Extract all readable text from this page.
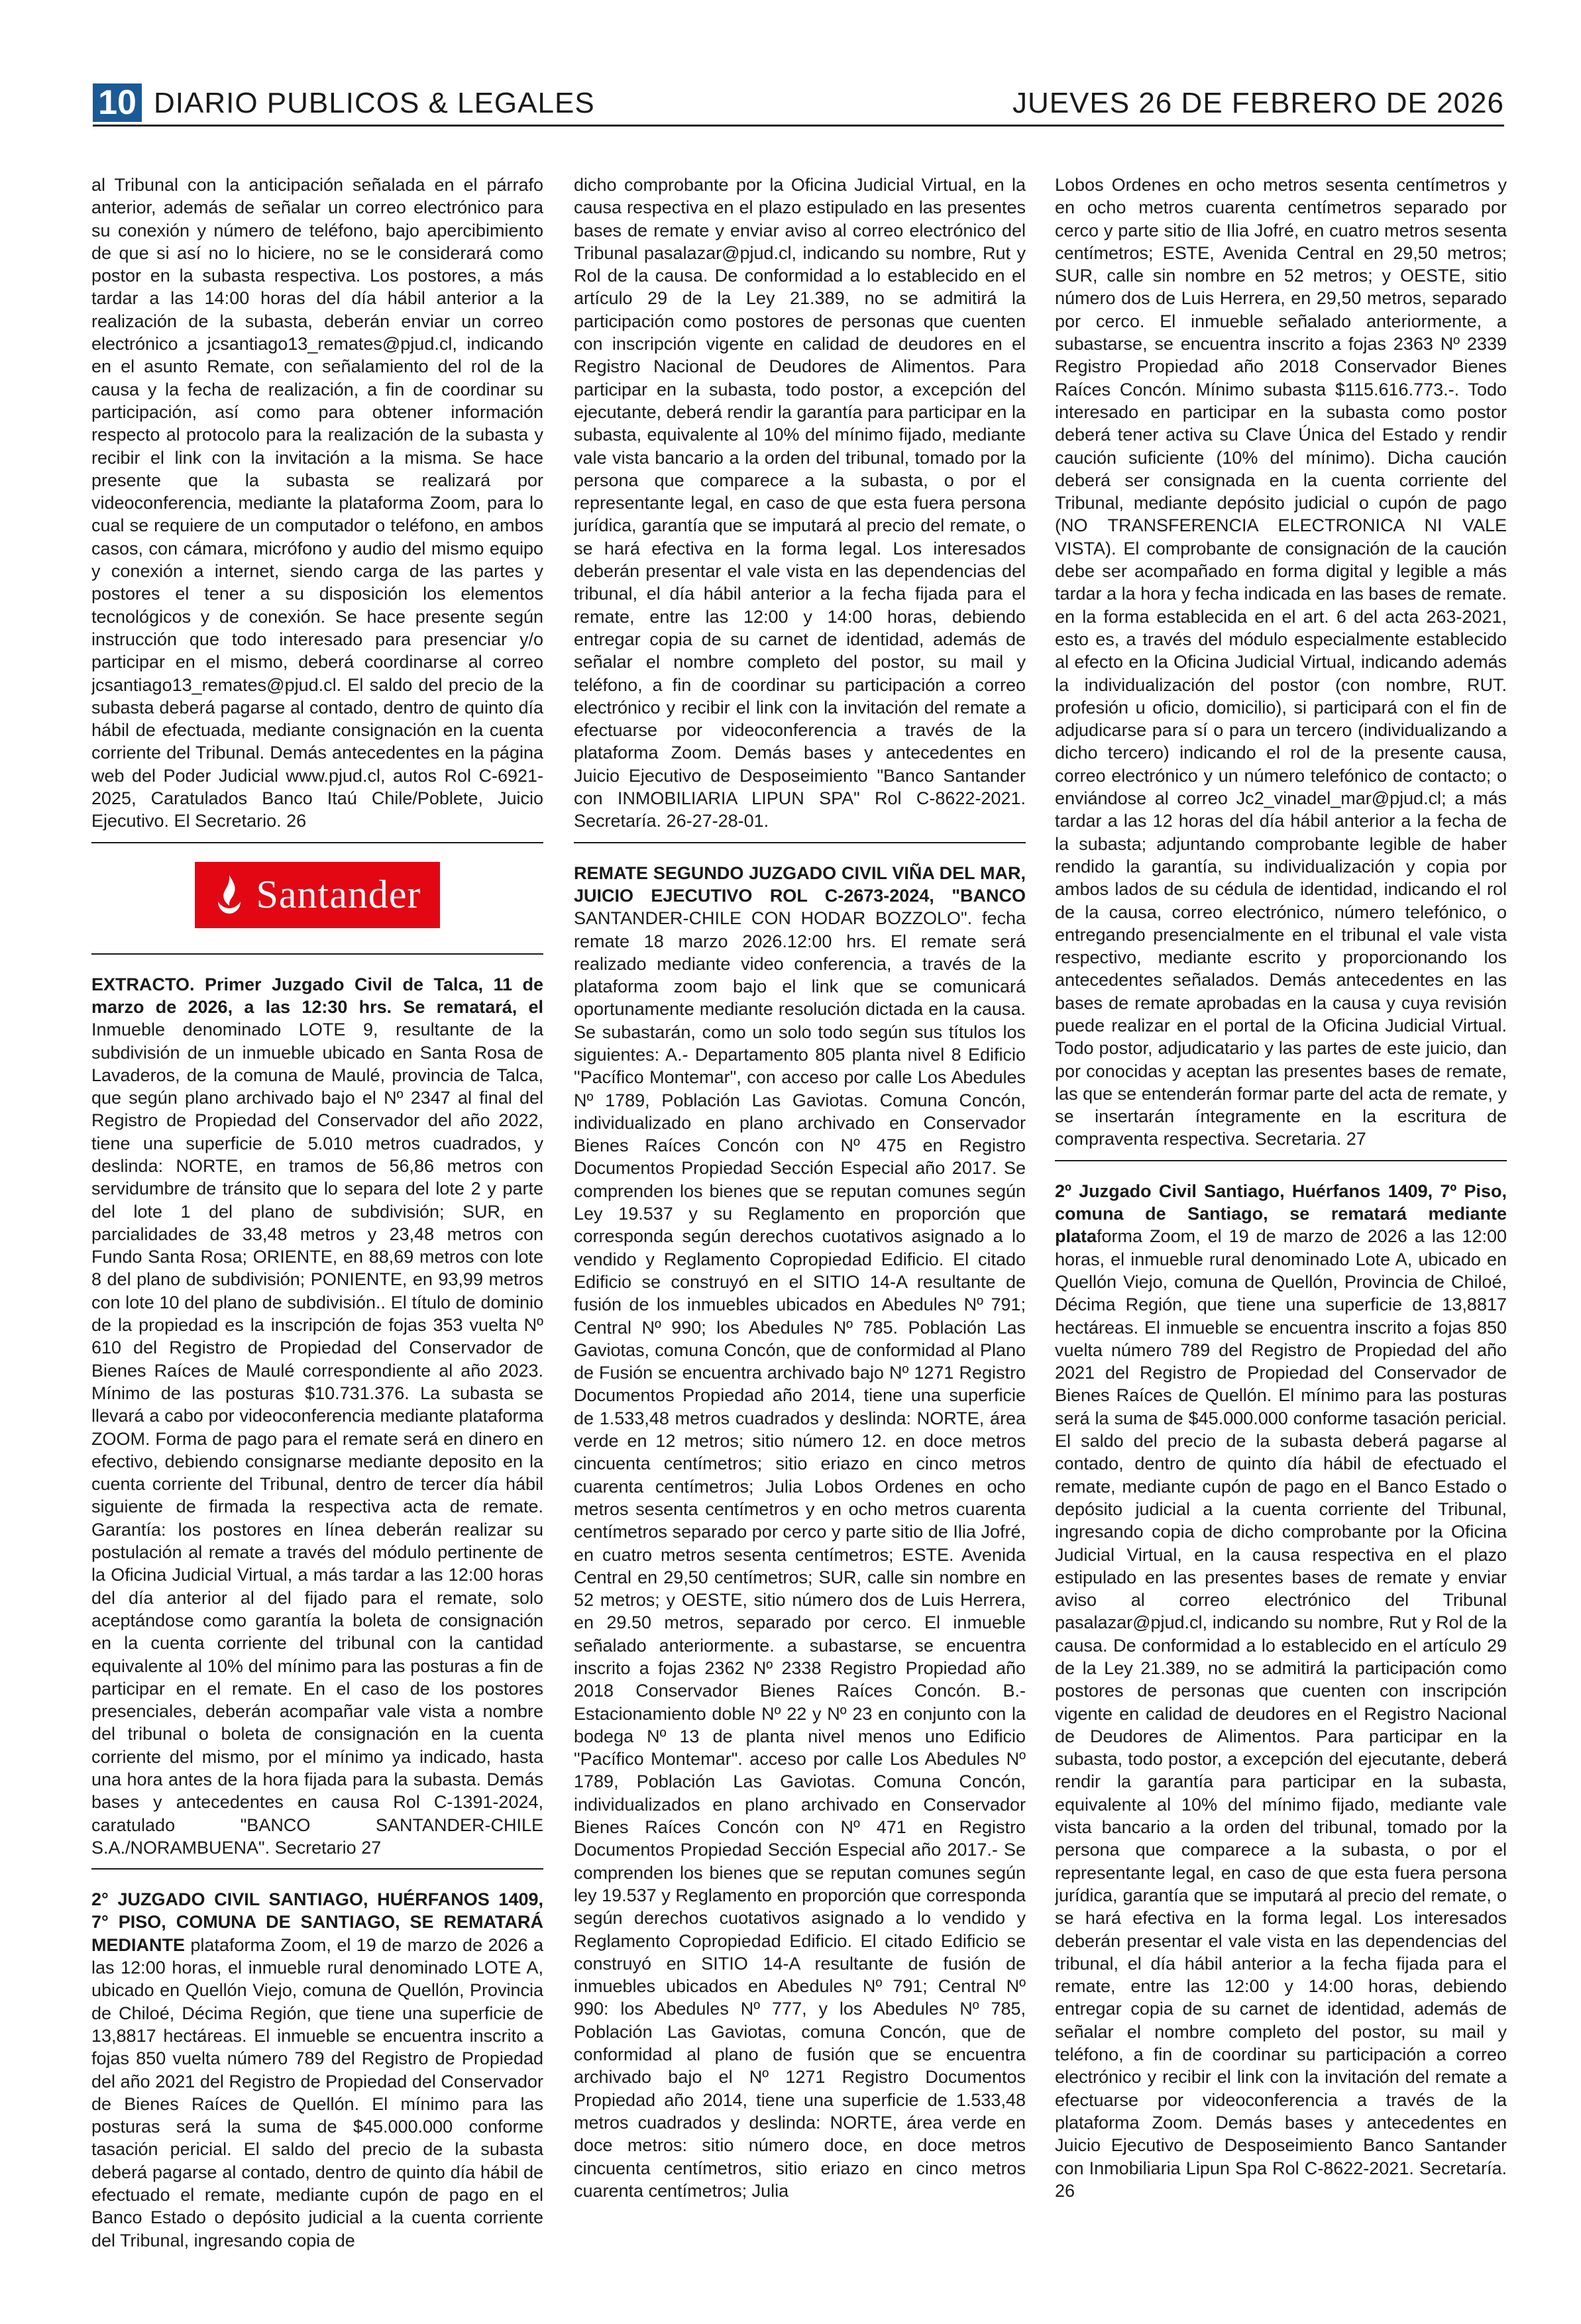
10 DIARIO PUBLICOS & LEGALES	JUEVES 26 DE FEBRERO DE 2026

al Tribunal con la anticipación señalada en el párrafo anterior, además de señalar un correo electrónico para su conexión y número de teléfono, bajo apercibimiento de que si así no lo hiciere, no se le considerará como postor en la subasta respectiva. Los postores, a más tardar a las 14:00 horas del día hábil anterior a la realización de la subasta, deberán enviar un correo electrónico a jcsantiago13_remates@pjud.cl, indicando en el asunto Remate, con señalamiento del rol de la causa y la fecha de realización, a fin de coordinar su participación, así como para obtener información respecto al protocolo para la realización de la subasta y recibir el link con la invitación a la misma. Se hace presente que la subasta se realizará por videoconferencia, mediante la plataforma Zoom, para lo cual se requiere de un computador o teléfono, en ambos casos, con cámara, micrófono y audio del mismo equipo y conexión a internet, siendo carga de las partes y postores el tener a su disposición los elementos tecnológicos y de conexión. Se hace presente según instrucción que todo interesado para presenciar y/o participar en el mismo, deberá coordinarse al correo jcsantiago13_remates@pjud.cl. El saldo del precio de la subasta deberá pagarse al contado, dentro de quinto día hábil de efectuada, mediante consignación en la cuenta corriente del Tribunal. Demás antecedentes en la página web del Poder Judicial www.pjud.cl, autos Rol C-6921-2025, Caratulados Banco Itaú Chile/Poblete, Juicio Ejecutivo. El Secretario. 26

Santander

EXTRACTO. Primer Juzgado Civil de Talca, 11 de marzo de 2026, a las 12:30 hrs. Se rematará, el Inmueble denominado LOTE 9, resultante de la subdivisión de un inmueble ubicado en Santa Rosa de Lavaderos, de la comuna de Maulé, provincia de Talca, que según plano archivado bajo el Nº 2347 al final del Registro de Propiedad del Conservador del año 2022, tiene una superficie de 5.010 metros cuadrados, y deslinda: NORTE, en tramos de 56,86 metros con servidumbre de tránsito que lo separa del lote 2 y parte del lote 1 del plano de subdivisión; SUR, en parcialidades de 33,48 metros y 23,48 metros con Fundo Santa Rosa; ORIENTE, en 88,69 metros con lote 8 del plano de subdivisión; PONIENTE, en 93,99 metros con lote 10 del plano de subdivisión.. El título de dominio de la propiedad es la inscripción de fojas 353 vuelta Nº 610 del Registro de Propiedad del Conservador de Bienes Raíces de Maulé correspondiente al año 2023. Mínimo de las posturas $10.731.376. La subasta se llevará a cabo por videoconferencia mediante plataforma ZOOM. Forma de pago para el remate será en dinero en efectivo, debiendo consignarse mediante deposito en la cuenta corriente del Tribunal, dentro de tercer día hábil siguiente de firmada la respectiva acta de remate. Garantía: los postores en línea deberán realizar su postulación al remate a través del módulo pertinente de la Oficina Judicial Virtual, a más tardar a las 12:00 horas del día anterior al del fijado para el remate, solo aceptándose como garantía la boleta de consignación en la cuenta corriente del tribunal con la cantidad equivalente al 10% del mínimo para las posturas a fin de participar en el remate. En el caso de los postores presenciales, deberán acompañar vale vista a nombre del tribunal o boleta de consignación en la cuenta corriente del mismo, por el mínimo ya indicado, hasta una hora antes de la hora fijada para la subasta. Demás bases y antecedentes en causa Rol C-1391-2024, caratulado "BANCO SANTANDER-CHILE S.A./NORAMBUENA". Secretario 27

2° JUZGADO CIVIL SANTIAGO, HUÉRFANOS 1409, 7° PISO, COMUNA DE SANTIAGO, SE REMATARÁ MEDIANTE plataforma Zoom, el 19 de marzo de 2026 a las 12:00 horas, el inmueble rural denominado LOTE A, ubicado en Quellón Viejo, comuna de Quellón, Provincia de Chiloé, Décima Región, que tiene una superficie de 13,8817 hectáreas. El inmueble se encuentra inscrito a fojas 850 vuelta número 789 del Registro de Propiedad del año 2021 del Registro de Propiedad del Conservador de Bienes Raíces de Quellón. El mínimo para las posturas será la suma de $45.000.000 conforme tasación pericial. El saldo del precio de la subasta deberá pagarse al contado, dentro de quinto día hábil de efectuado el remate, mediante cupón de pago en el Banco Estado o depósito judicial a la cuenta corriente del Tribunal, ingresando copia de

dicho comprobante por la Oficina Judicial Virtual, en la causa respectiva en el plazo estipulado en las presentes bases de remate y enviar aviso al correo electrónico del Tribunal pasalazar@pjud.cl, indicando su nombre, Rut y Rol de la causa. De conformidad a lo establecido en el artículo 29 de la Ley 21.389, no se admitirá la participación como postores de personas que cuenten con inscripción vigente en calidad de deudores en el Registro Nacional de Deudores de Alimentos. Para participar en la subasta, todo postor, a excepción del ejecutante, deberá rendir la garantía para participar en la subasta, equivalente al 10% del mínimo fijado, mediante vale vista bancario a la orden del tribunal, tomado por la persona que comparece a la subasta, o por el representante legal, en caso de que esta fuera persona jurídica, garantía que se imputará al precio del remate, o se hará efectiva en la forma legal. Los interesados deberán presentar el vale vista en las dependencias del tribunal, el día hábil anterior a la fecha fijada para el remate, entre las 12:00 y 14:00 horas, debiendo entregar copia de su carnet de identidad, además de señalar el nombre completo del postor, su mail y teléfono, a fin de coordinar su participación a correo electrónico y recibir el link con la invitación del remate a efectuarse por videoconferencia a través de la plataforma Zoom. Demás bases y antecedentes en Juicio Ejecutivo de Desposeimiento "Banco Santander con INMOBILIARIA LIPUN SPA" Rol C-8622-2021. Secretaría. 26-27-28-01.

REMATE SEGUNDO JUZGADO CIVIL VIÑA DEL MAR, JUICIO EJECUTIVO ROL C-2673-2024, "BANCO SANTANDER-CHILE CON HODAR BOZZOLO". fecha remate 18 marzo 2026.12:00 hrs. El remate será realizado mediante video conferencia, a través de la plataforma zoom bajo el link que se comunicará oportunamente mediante resolución dictada en la causa. Se subastarán, como un solo todo según sus títulos los siguientes: A.- Departamento 805 planta nivel 8 Edificio "Pacífico Montemar", con acceso por calle Los Abedules Nº 1789, Población Las Gaviotas. Comuna Concón, individualizado en plano archivado en Conservador Bienes Raíces Concón con Nº 475 en Registro Documentos Propiedad Sección Especial año 2017. Se comprenden los bienes que se reputan comunes según Ley 19.537 y su Reglamento en proporción que corresponda según derechos cuotativos asignado a lo vendido y Reglamento Copropiedad Edificio. El citado Edificio se construyó en el SITIO 14-A resultante de fusión de los inmuebles ubicados en Abedules Nº 791; Central Nº 990; los Abedules Nº 785. Población Las Gaviotas, comuna Concón, que de conformidad al Plano de Fusión se encuentra archivado bajo Nº 1271 Registro Documentos Propiedad año 2014, tiene una superficie de 1.533,48 metros cuadrados y deslinda: NORTE, área verde en 12 metros; sitio número 12. en doce metros cincuenta centímetros; sitio eriazo en cinco metros cuarenta centímetros; Julia Lobos Ordenes en ocho metros sesenta centímetros y en ocho metros cuarenta centímetros separado por cerco y parte sitio de Ilia Jofré, en cuatro metros sesenta centímetros; ESTE. Avenida Central en 29,50 centímetros; SUR, calle sin nombre en 52 metros; y OESTE, sitio número dos de Luis Herrera, en 29.50 metros, separado por cerco. El inmueble señalado anteriormente. a subastarse, se encuentra inscrito a fojas 2362 Nº 2338 Registro Propiedad año 2018 Conservador Bienes Raíces Concón. B.- Estacionamiento doble Nº 22 y Nº 23 en conjunto con la bodega Nº 13 de planta nivel menos uno Edificio "Pacífico Montemar". acceso por calle Los Abedules Nº 1789, Población Las Gaviotas. Comuna Concón, individualizados en plano archivado en Conservador Bienes Raíces Concón con Nº 471 en Registro Documentos Propiedad Sección Especial año 2017.- Se comprenden los bienes que se reputan comunes según ley 19.537 y Reglamento en proporción que corresponda según derechos cuotativos asignado a lo vendido y Reglamento Copropiedad Edificio. El citado Edificio se construyó en SITIO 14-A resultante de fusión de inmuebles ubicados en Abedules Nº 791; Central Nº 990: los Abedules Nº 777, y los Abedules Nº 785, Población Las Gaviotas, comuna Concón, que de conformidad al plano de fusión que se encuentra archivado bajo el Nº 1271 Registro Documentos Propiedad año 2014, tiene una superficie de 1.533,48 metros cuadrados y deslinda: NORTE, área verde en doce metros: sitio número doce, en doce metros cincuenta centímetros, sitio eriazo en cinco metros cuarenta centímetros; Julia

Lobos Ordenes en ocho metros sesenta centímetros y en ocho metros cuarenta centímetros separado por cerco y parte sitio de Ilia Jofré, en cuatro metros sesenta centímetros; ESTE, Avenida Central en 29,50 metros; SUR, calle sin nombre en 52 metros; y OESTE, sitio número dos de Luis Herrera, en 29,50 metros, separado por cerco. El inmueble señalado anteriormente, a subastarse, se encuentra inscrito a fojas 2363 Nº 2339 Registro Propiedad año 2018 Conservador Bienes Raíces Concón. Mínimo subasta $115.616.773.-. Todo interesado en participar en la subasta como postor deberá tener activa su Clave Única del Estado y rendir caución suficiente (10% del mínimo). Dicha caución deberá ser consignada en la cuenta corriente del Tribunal, mediante depósito judicial o cupón de pago (NO TRANSFERENCIA ELECTRONICA NI VALE VISTA). El comprobante de consignación de la caución debe ser acompañado en forma digital y legible a más tardar a la hora y fecha indicada en las bases de remate. en la forma establecida en el art. 6 del acta 263-2021, esto es, a través del módulo especialmente establecido al efecto en la Oficina Judicial Virtual, indicando además la individualización del postor (con nombre, RUT. profesión u oficio, domicilio), si participará con el fin de adjudicarse para sí o para un tercero (individualizando a dicho tercero) indicando el rol de la presente causa, correo electrónico y un número telefónico de contacto; o enviándose al correo Jc2_vinadel_mar@pjud.cl; a más tardar a las 12 horas del día hábil anterior a la fecha de la subasta; adjuntando comprobante legible de haber rendido la garantía, su individualización y copia por ambos lados de su cédula de identidad, indicando el rol de la causa, correo electrónico, número telefónico, o entregando presencialmente en el tribunal el vale vista respectivo, mediante escrito y proporcionando los antecedentes señalados. Demás antecedentes en las bases de remate aprobadas en la causa y cuya revisión puede realizar en el portal de la Oficina Judicial Virtual. Todo postor, adjudicatario y las partes de este juicio, dan por conocidas y aceptan las presentes bases de remate, las que se entenderán formar parte del acta de remate, y se insertarán íntegramente en la escritura de compraventa respectiva. Secretaria. 27

2º Juzgado Civil Santiago, Huérfanos 1409, 7º Piso, comuna de Santiago, se rematará mediante plataforma Zoom, el 19 de marzo de 2026 a las 12:00 horas, el inmueble rural denominado Lote A, ubicado en Quellón Viejo, comuna de Quellón, Provincia de Chiloé, Décima Región, que tiene una superficie de 13,8817 hectáreas. El inmueble se encuentra inscrito a fojas 850 vuelta número 789 del Registro de Propiedad del año 2021 del Registro de Propiedad del Conservador de Bienes Raíces de Quellón. El mínimo para las posturas será la suma de $45.000.000 conforme tasación pericial. El saldo del precio de la subasta deberá pagarse al contado, dentro de quinto día hábil de efectuado el remate, mediante cupón de pago en el Banco Estado o depósito judicial a la cuenta corriente del Tribunal, ingresando copia de dicho comprobante por la Oficina Judicial Virtual, en la causa respectiva en el plazo estipulado en las presentes bases de remate y enviar aviso al correo electrónico del Tribunal pasalazar@pjud.cl, indicando su nombre, Rut y Rol de la causa. De conformidad a lo establecido en el artículo 29 de la Ley 21.389, no se admitirá la participación como postores de personas que cuenten con inscripción vigente en calidad de deudores en el Registro Nacional de Deudores de Alimentos. Para participar en la subasta, todo postor, a excepción del ejecutante, deberá rendir la garantía para participar en la subasta, equivalente al 10% del mínimo fijado, mediante vale vista bancario a la orden del tribunal, tomado por la persona que comparece a la subasta, o por el representante legal, en caso de que esta fuera persona jurídica, garantía que se imputará al precio del remate, o se hará efectiva en la forma legal. Los interesados deberán presentar el vale vista en las dependencias del tribunal, el día hábil anterior a la fecha fijada para el remate, entre las 12:00 y 14:00 horas, debiendo entregar copia de su carnet de identidad, además de señalar el nombre completo del postor, su mail y teléfono, a fin de coordinar su participación a correo electrónico y recibir el link con la invitación del remate a efectuarse por videoconferencia a través de la plataforma Zoom. Demás bases y antecedentes en Juicio Ejecutivo de Desposeimiento Banco Santander con Inmobiliaria Lipun Spa Rol C-8622-2021. Secretaría. 26
